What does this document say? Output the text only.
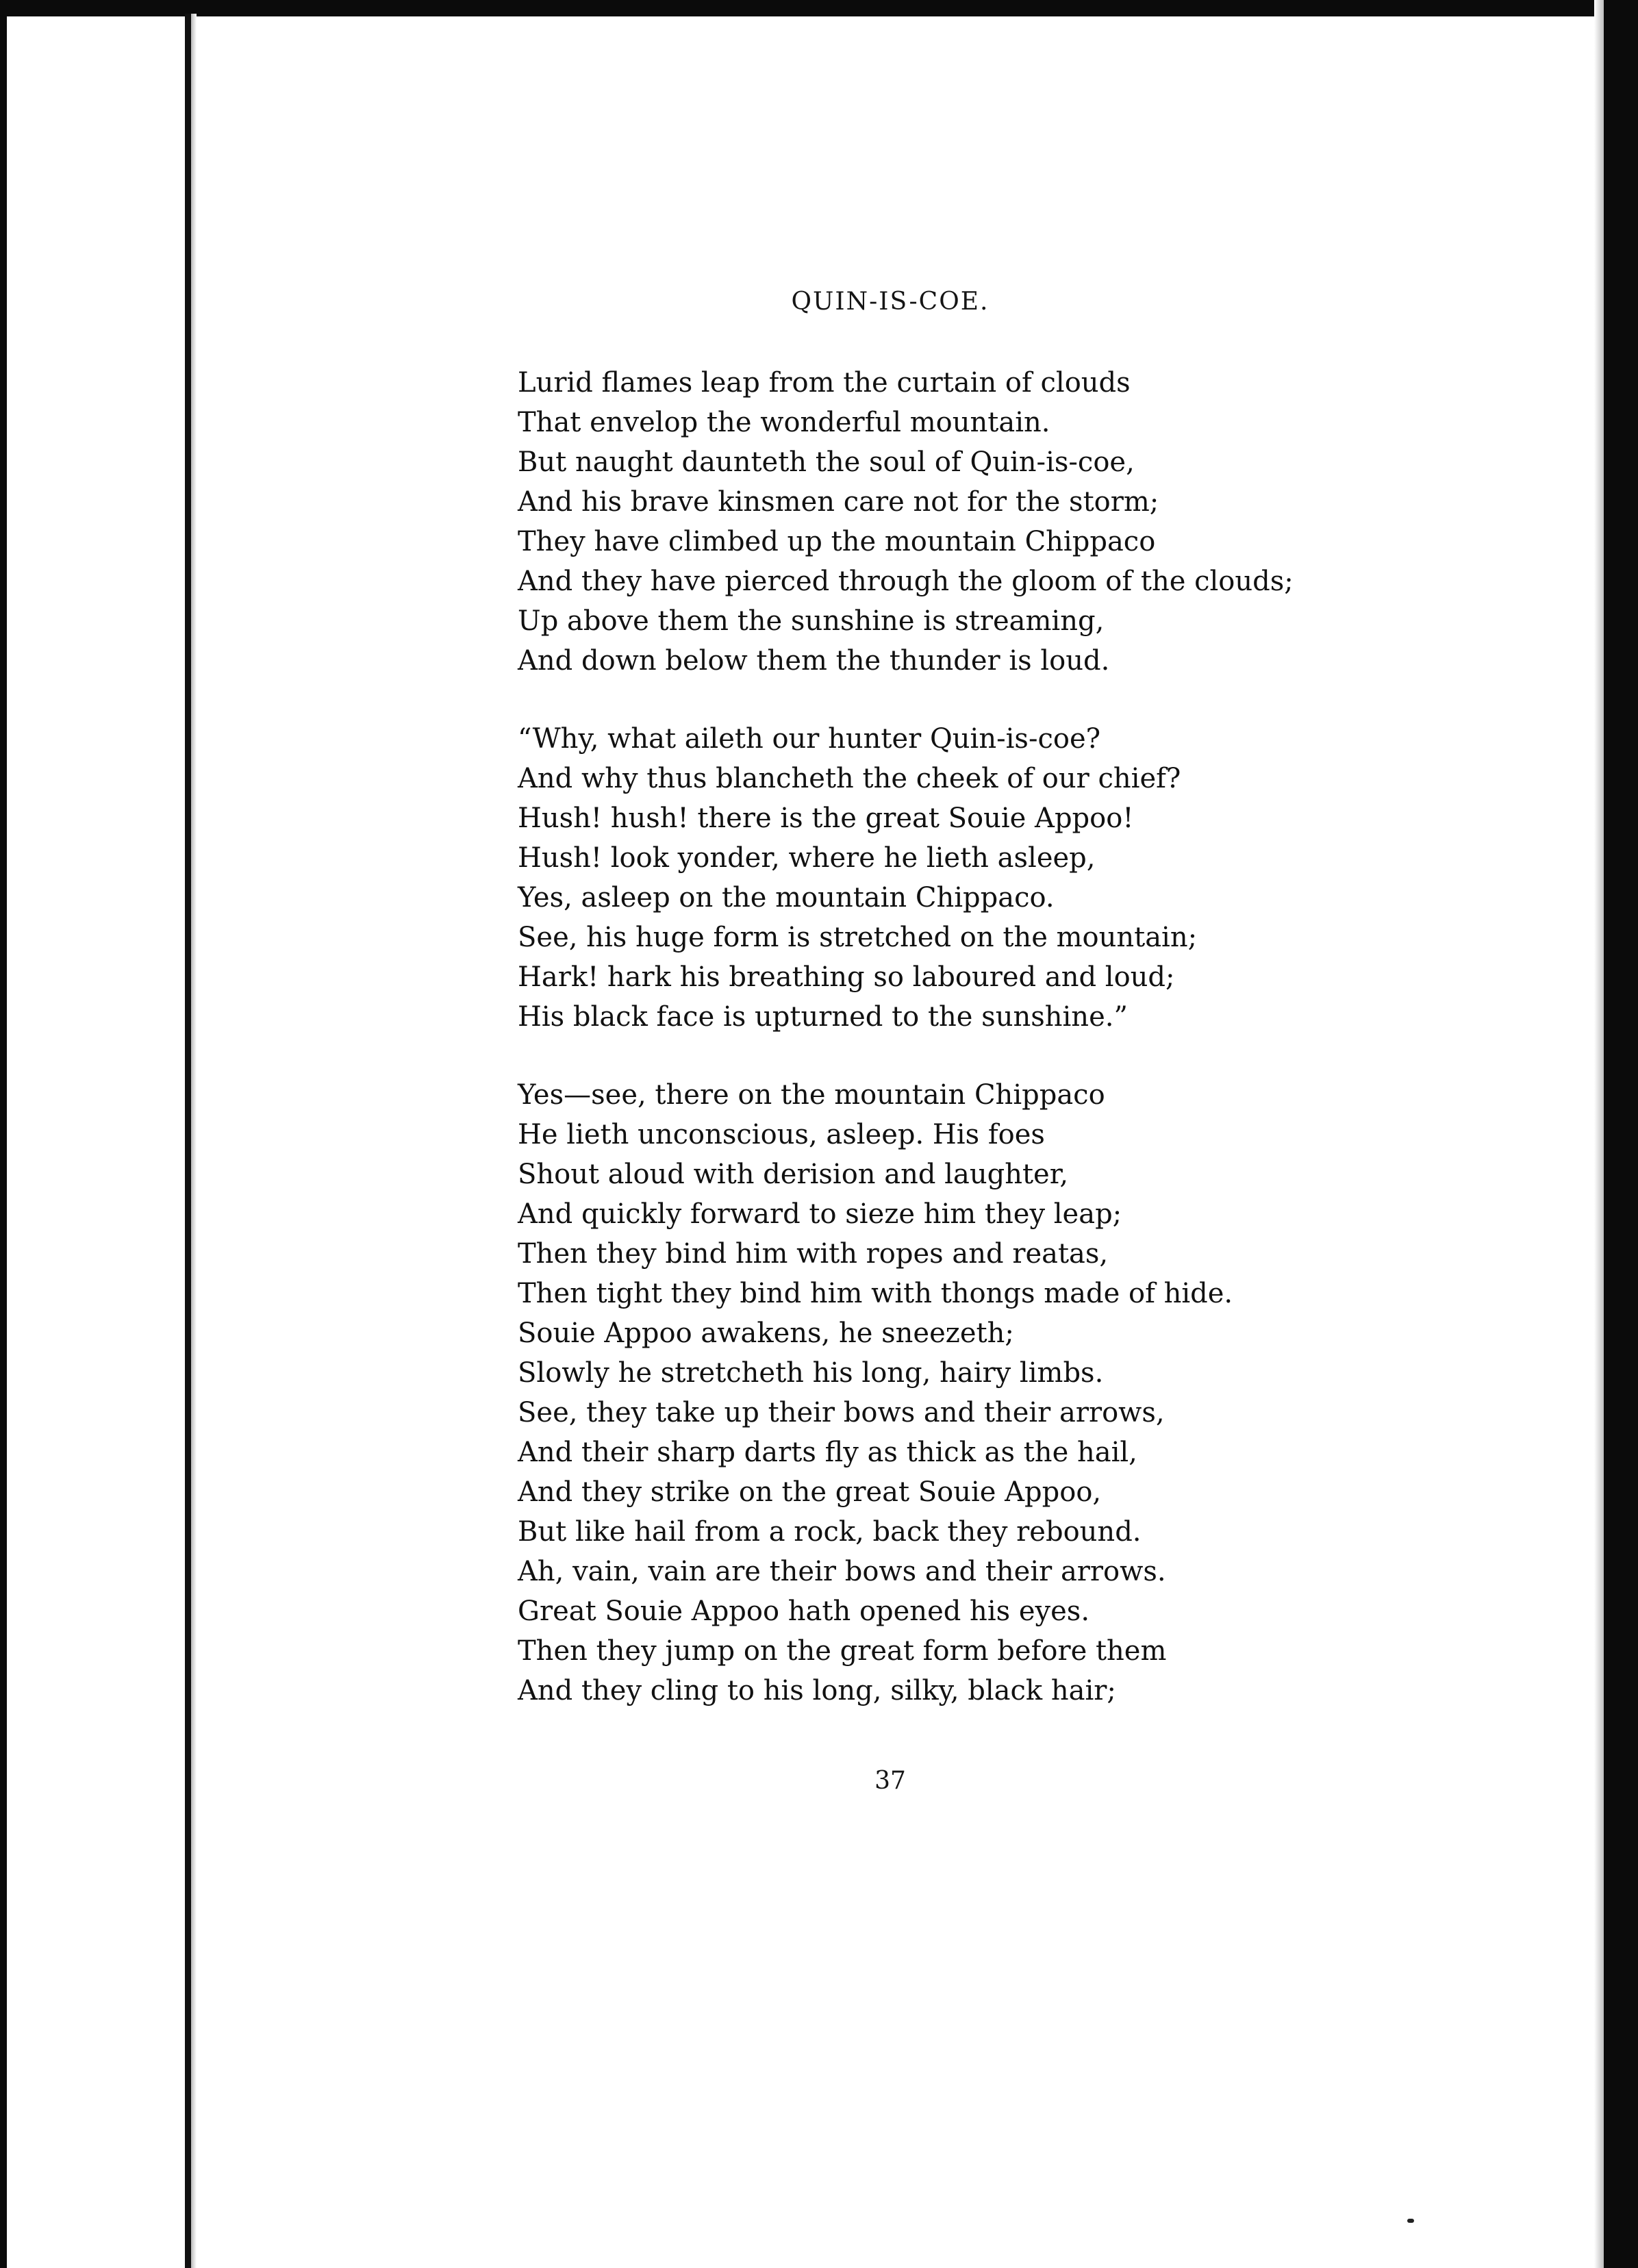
QUIN-IS-COE.
Lurid flames leap from the curtain of clouds
That envelop the wonderful mountain.
But naught daunteth the soul of Quin-is-coe,
And his brave kinsmen care not for the storm;
They have climbed up the mountain Chippaco
And they have pierced through the gloom of the clouds;
Up above them the sunshine is streaming,
And down below them the thunder is loud.
“Why, what aileth our hunter Quin-is-coe?
And why thus blancheth the cheek of our chief?
Hush! hush! there is the great Souie Appoo!
Hush! look yonder, where he lieth asleep,
Yes, asleep on the mountain Chippaco.
See, his huge form is stretched on the mountain;
Hark! hark his breathing so laboured and loud;
His black face is upturned to the sunshine.”
Yes—see, there on the mountain Chippaco
He lieth unconscious, asleep. His foes
Shout aloud with derision and laughter,
And quickly forward to sieze him they leap;
Then they bind him with ropes and reatas,
Then tight they bind him with thongs made of hide.
Souie Appoo awakens, he sneezeth;
Slowly he stretcheth his long, hairy limbs.
See, they take up their bows and their arrows,
And their sharp darts fly as thick as the hail,
And they strike on the great Souie Appoo,
But like hail from a rock, back they rebound.
Ah, vain, vain are their bows and their arrows.
Great Souie Appoo hath opened his eyes.
Then they jump on the great form before them
And they cling to his long, silky, black hair;
37
